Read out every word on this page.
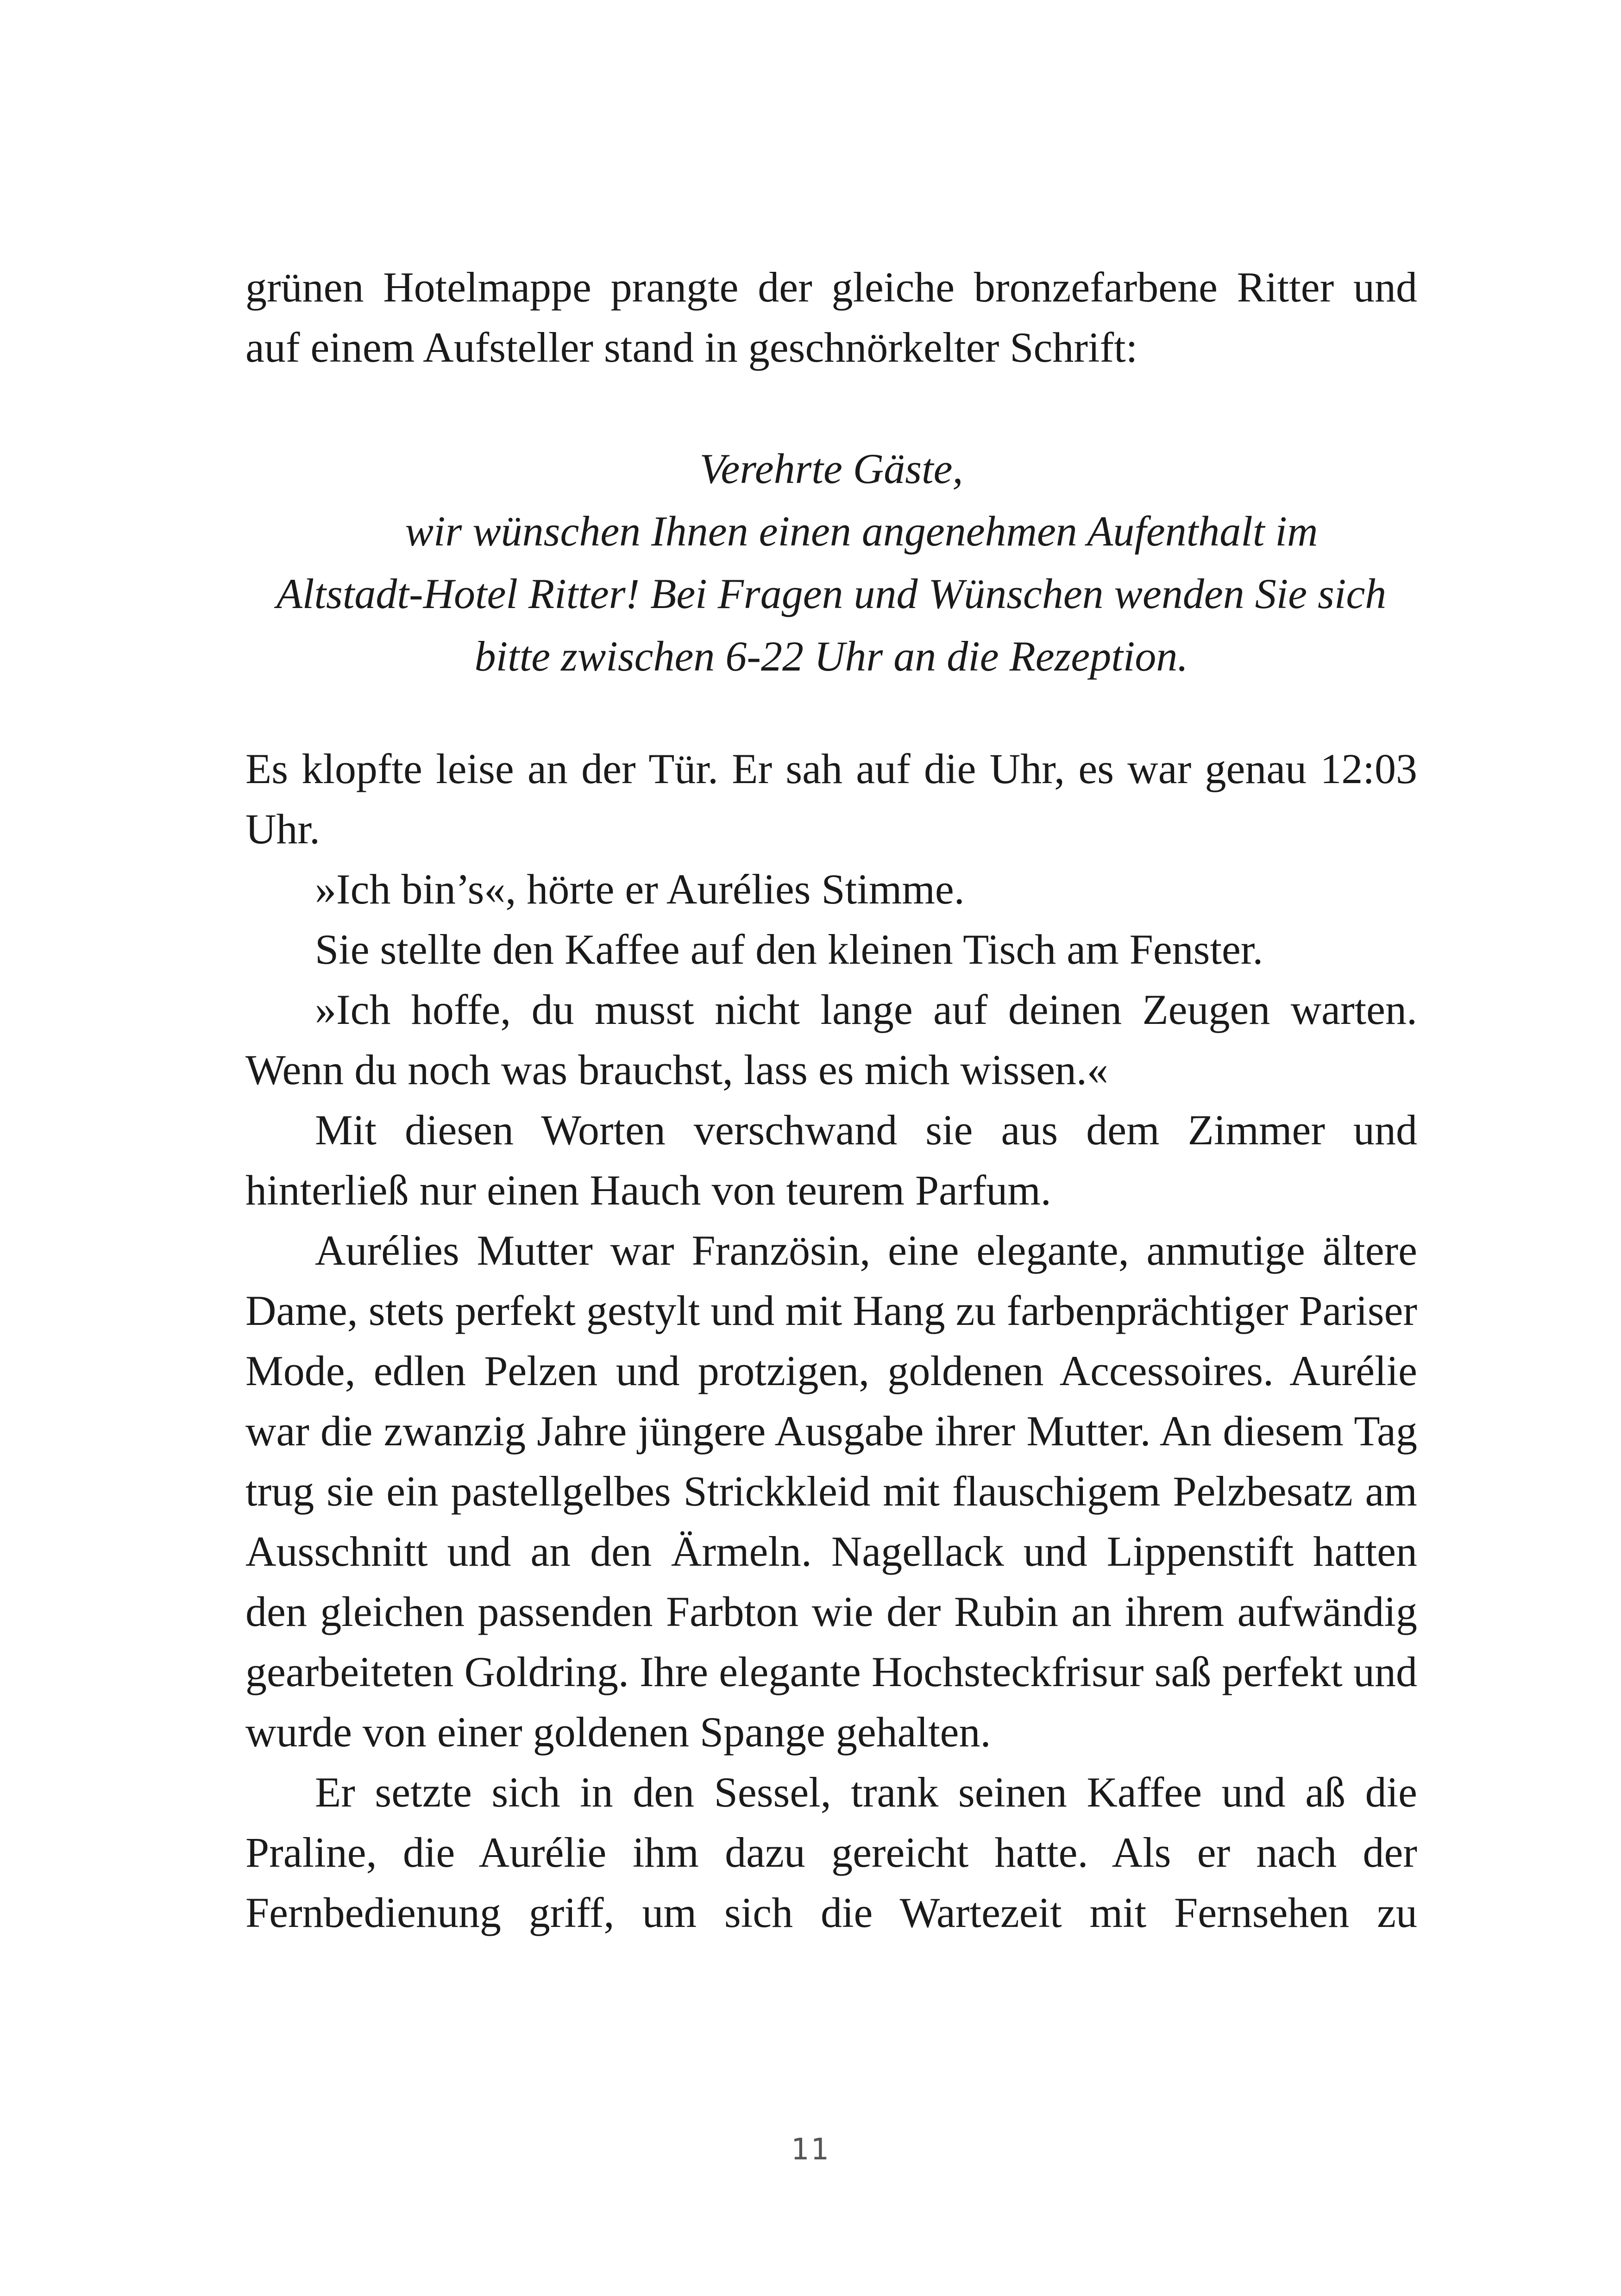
grünen Hotelmappe prangte der gleiche bronzefarbene Ritter und auf einem Aufsteller stand in geschnörkelter Schrift:

Verehrte Gäste,
wir wünschen Ihnen einen angenehmen Aufenthalt im
Altstadt-Hotel Ritter! Bei Fragen und Wünschen wenden Sie sich
bitte zwischen 6-22 Uhr an die Rezeption.

Es klopfte leise an der Tür. Er sah auf die Uhr, es war genau 12:03 Uhr.

»Ich bin’s«, hörte er Aurélies Stimme.

Sie stellte den Kaffee auf den kleinen Tisch am Fenster.

»Ich hoffe, du musst nicht lange auf deinen Zeugen warten. Wenn du noch was brauchst, lass es mich wissen.«

Mit diesen Worten verschwand sie aus dem Zimmer und hinterließ nur einen Hauch von teurem Parfum.

Aurélies Mutter war Französin, eine elegante, anmutige ältere Dame, stets perfekt gestylt und mit Hang zu farbenprächtiger Pariser Mode, edlen Pelzen und protzigen, goldenen Accessoires. Aurélie war die zwanzig Jahre jüngere Ausgabe ihrer Mutter. An diesem Tag trug sie ein pastellgelbes Strickkleid mit flauschigem Pelzbesatz am Ausschnitt und an den Ärmeln. Nagellack und Lippenstift hatten den gleichen passenden Farbton wie der Rubin an ihrem aufwändig gearbeiteten Goldring. Ihre elegante Hochsteckfrisur saß perfekt und wurde von einer goldenen Spange gehalten.

Er setzte sich in den Sessel, trank seinen Kaffee und aß die Praline, die Aurélie ihm dazu gereicht hatte. Als er nach der Fernbedienung griff, um sich die Wartezeit mit Fernsehen zu

11
